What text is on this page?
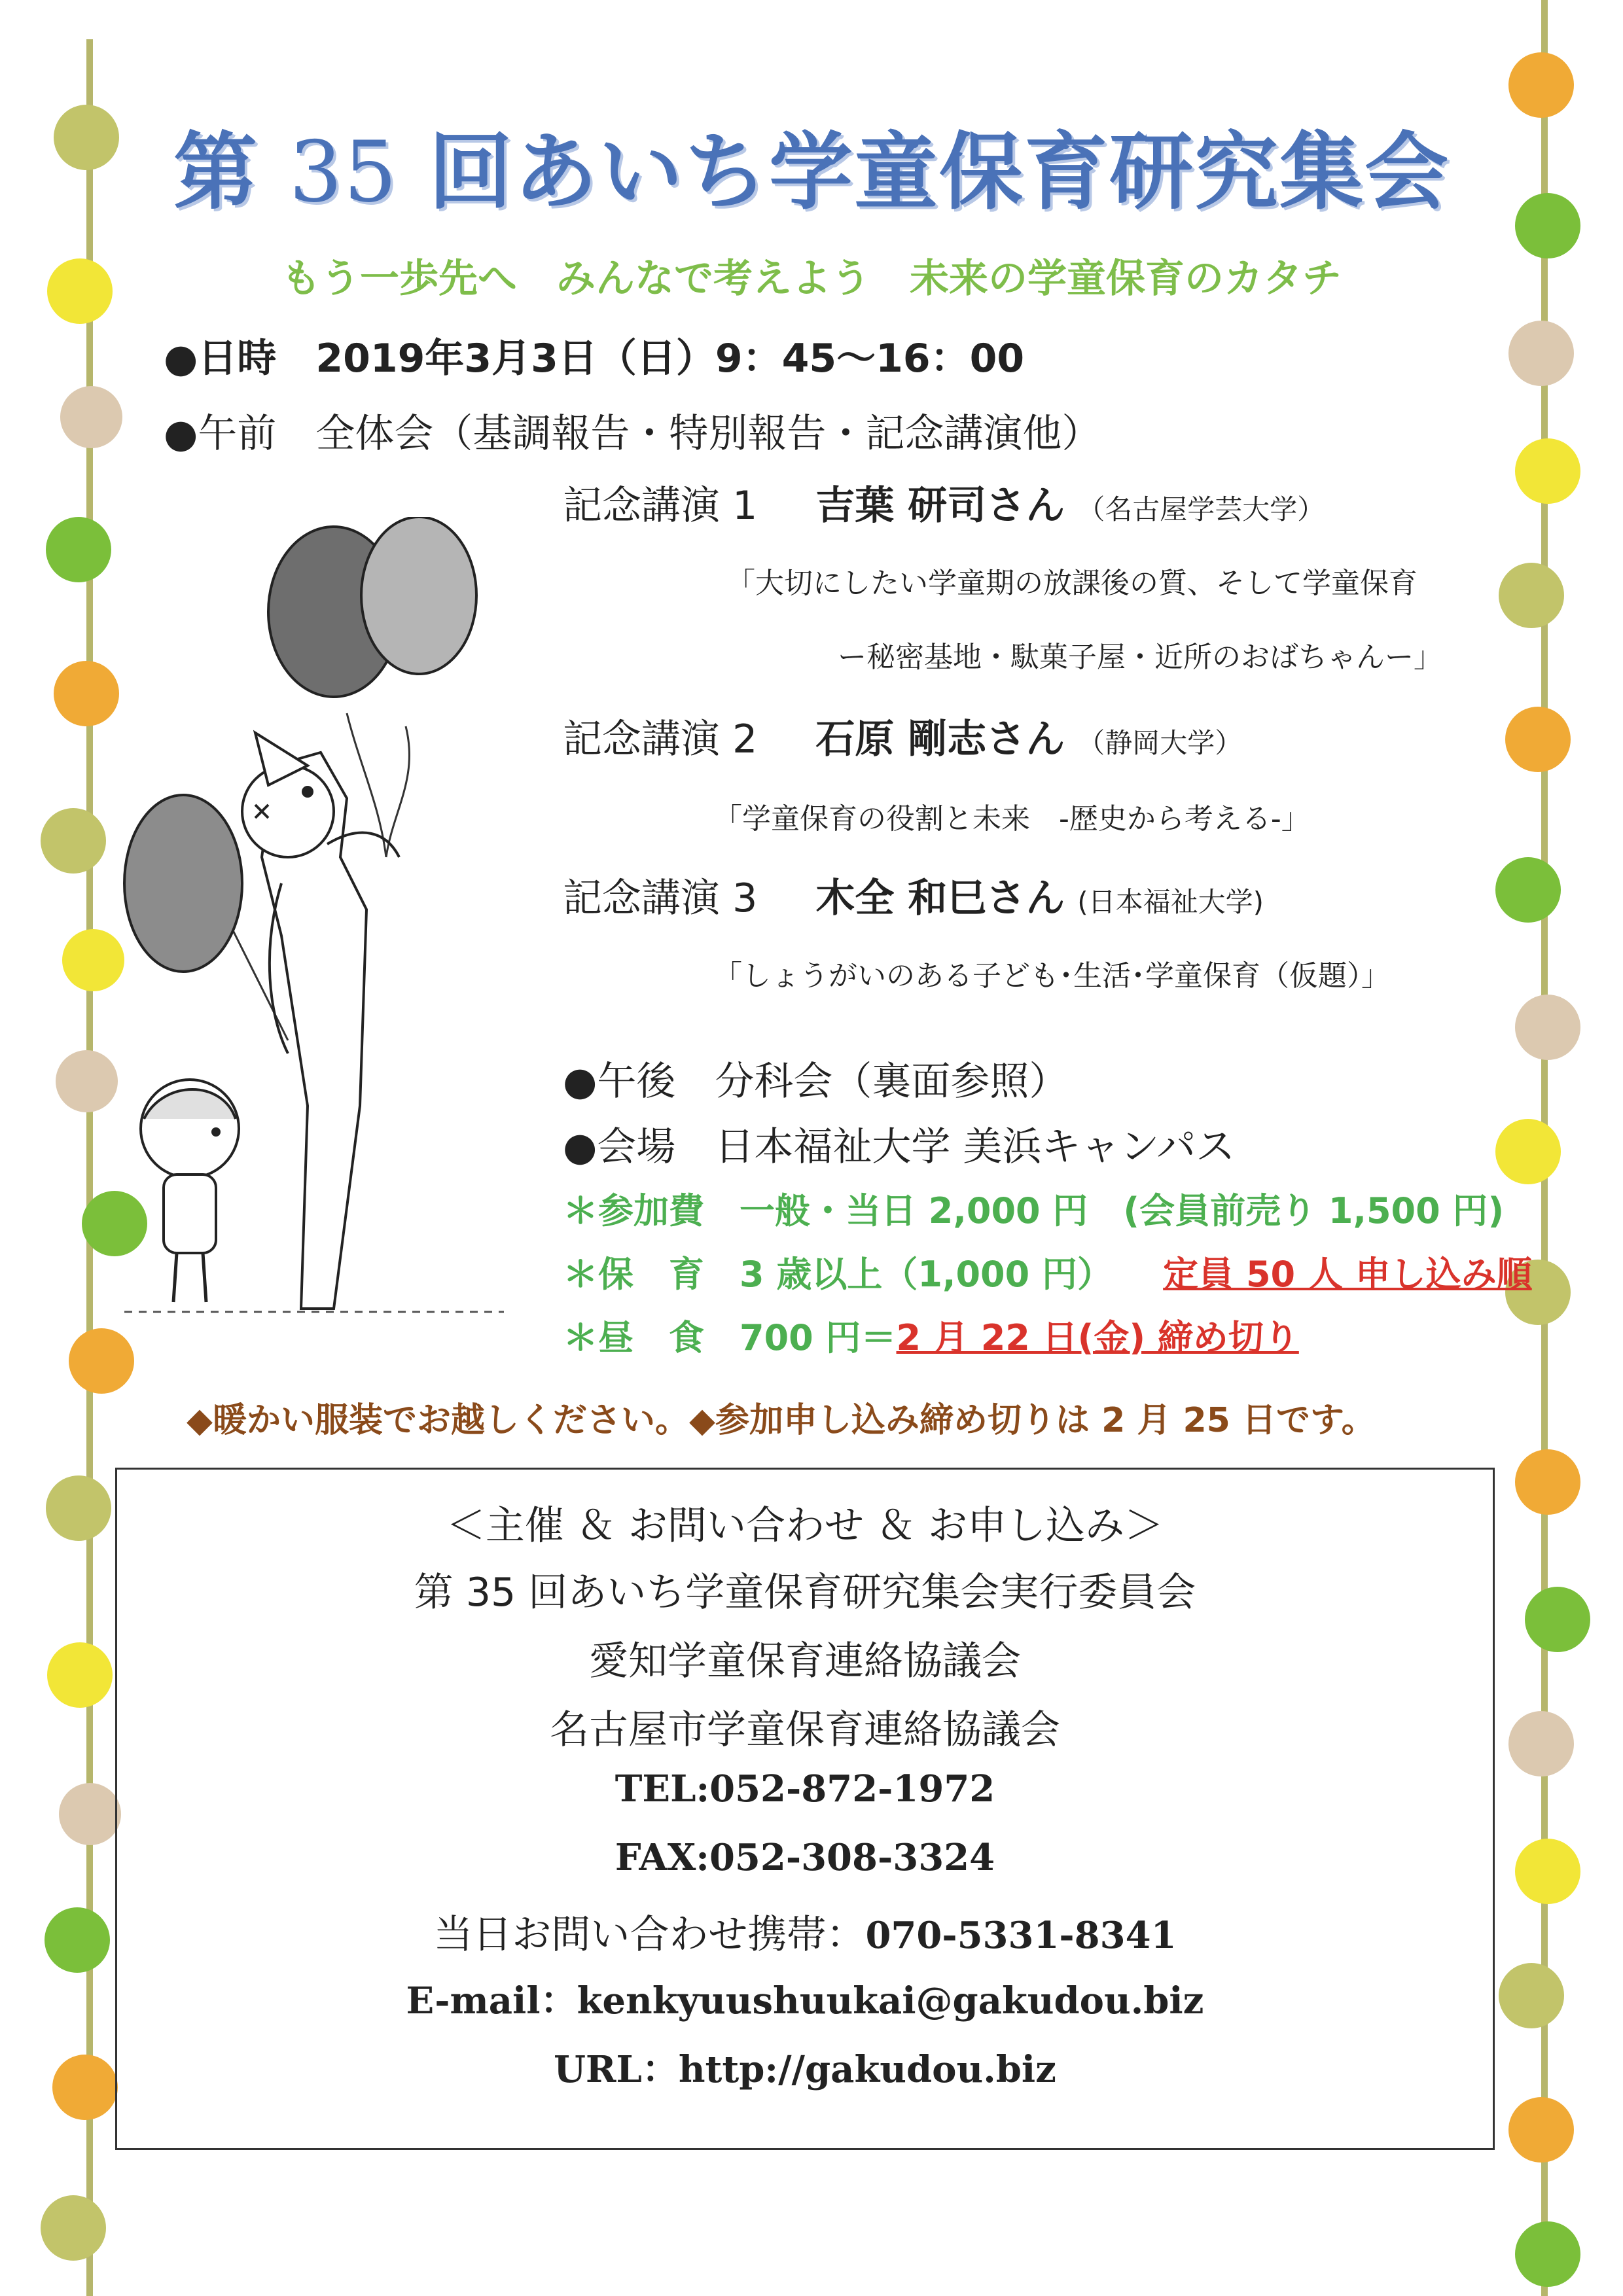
第 35 回あいち学童保育研究集会
もう一歩先へ　みんなで考えよう　未来の学童保育のカタチ
●日時　2019年3月3日（日）9：45～16：00
●午前　全体会（基調報告・特別報告・記念講演他）
記念講演 1 吉葉 研司さん （名古屋学芸大学）
「大切にしたい学童期の放課後の質、そして学童保育
ー秘密基地・駄菓子屋・近所のおばちゃんー」
記念講演 2 石原 剛志さん （静岡大学）
「学童保育の役割と未来　-歴史から考える-」
記念講演 3 木全 和巳さん (日本福祉大学)
「しょうがいのある子ども･生活･学童保育（仮題）」
●午後　分科会（裏面参照）
●会場　日本福祉大学 美浜キャンパス
＊参加費　一般・当日 2,000 円　(会員前売り 1,500 円)
＊保　育　3 歳以上（1,000 円） 定員 50 人 申し込み順
＊昼　食　700 円＝2 月 22 日(金) 締め切り
◆暖かい服装でお越しください。◆参加申し込み締め切りは 2 月 25 日です。
＜主催 ＆ お問い合わせ ＆ お申し込み＞
第 35 回あいち学童保育研究集会実行委員会
愛知学童保育連絡協議会
名古屋市学童保育連絡協議会
TEL:052-872-1972
FAX:052-308-3324
当日お問い合わせ携帯：070-5331-8341
E-mail：kenkyuushuukai@gakudou.biz
URL：http://gakudou.biz
